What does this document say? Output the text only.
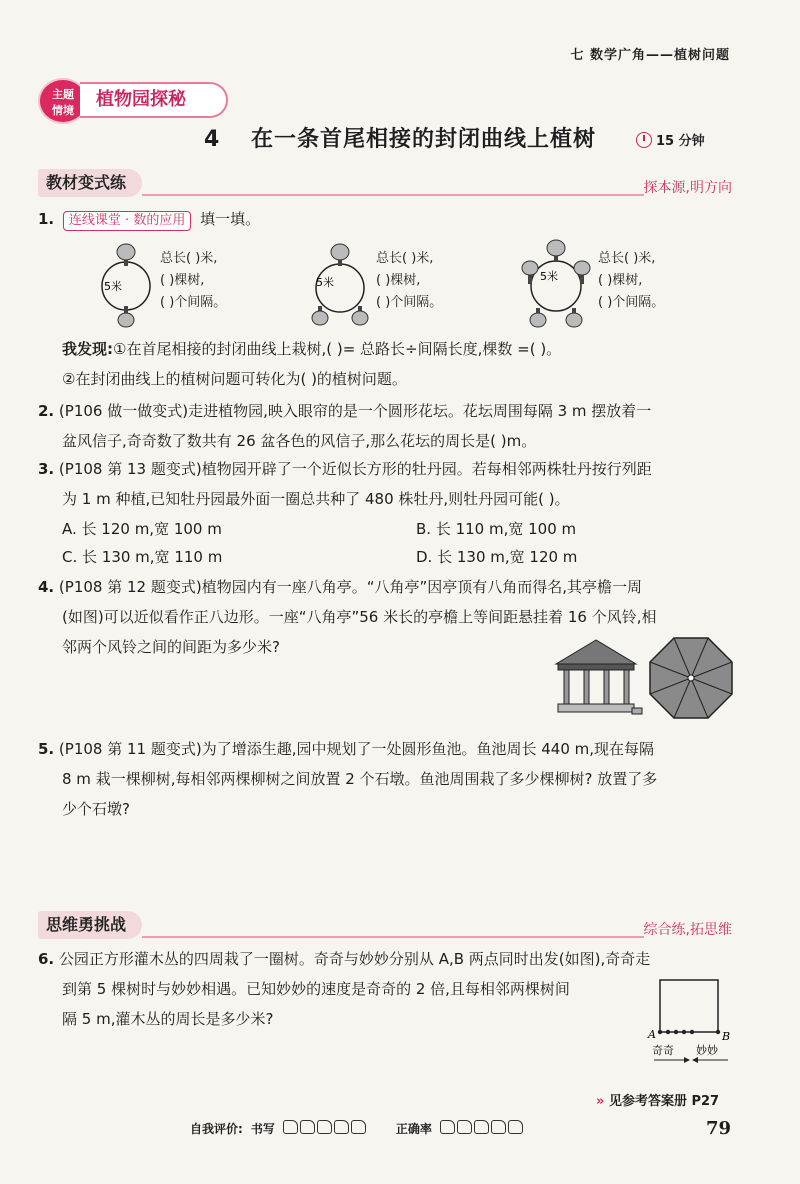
七 数学广角——植树问题
主题
情境
植物园探秘
4 在一条首尾相接的封闭曲线上植树	15 分钟
教材变式练	探本源,明方向
1. 连线课堂 · 数的应用 填一填。
5米
总长( )米,
( )棵树,
( )个间隔。
5米
总长( )米,
( )棵树,
( )个间隔。
5米
总长( )米,
( )棵树,
( )个间隔。
我发现:①在首尾相接的封闭曲线上栽树,( )= 总路长÷间隔长度,棵数 =( )。
②在封闭曲线上的植树问题可转化为( )的植树问题。
2. (P106 做一做变式)走进植物园,映入眼帘的是一个圆形花坛。花坛周围每隔 3 m 摆放着一
盆风信子,奇奇数了数共有 26 盆各色的风信子,那么花坛的周长是( )m。
3. (P108 第 13 题变式)植物园开辟了一个近似长方形的牡丹园。若每相邻两株牡丹按行列距
为 1 m 种植,已知牡丹园最外面一圈总共种了 480 株牡丹,则牡丹园可能( )。
A. 长 120 m,宽 100 m	B. 长 110 m,宽 100 m
C. 长 130 m,宽 110 m	D. 长 130 m,宽 120 m
4. (P108 第 12 题变式)植物园内有一座八角亭。“八角亭”因亭顶有八角而得名,其亭檐一周
(如图)可以近似看作正八边形。一座“八角亭”56 米长的亭檐上等间距悬挂着 16 个风铃,相
邻两个风铃之间的间距为多少米?
5. (P108 第 11 题变式)为了增添生趣,园中规划了一处圆形鱼池。鱼池周长 440 m,现在每隔
8 m 栽一棵柳树,每相邻两棵柳树之间放置 2 个石墩。鱼池周围栽了多少棵柳树? 放置了多
少个石墩?
思维勇挑战	综合练,拓思维
6. 公园正方形灌木丛的四周栽了一圈树。奇奇与妙妙分别从 A,B 两点同时出发(如图),奇奇走
到第 5 棵树时与妙妙相遇。已知妙妙的速度是奇奇的 2 倍,且每相邻两棵树间
隔 5 m,灌木丛的周长是多少米?
A	B
奇奇 妙妙
» 见参考答案册 P27
自我评价: 书写	正确率	79
